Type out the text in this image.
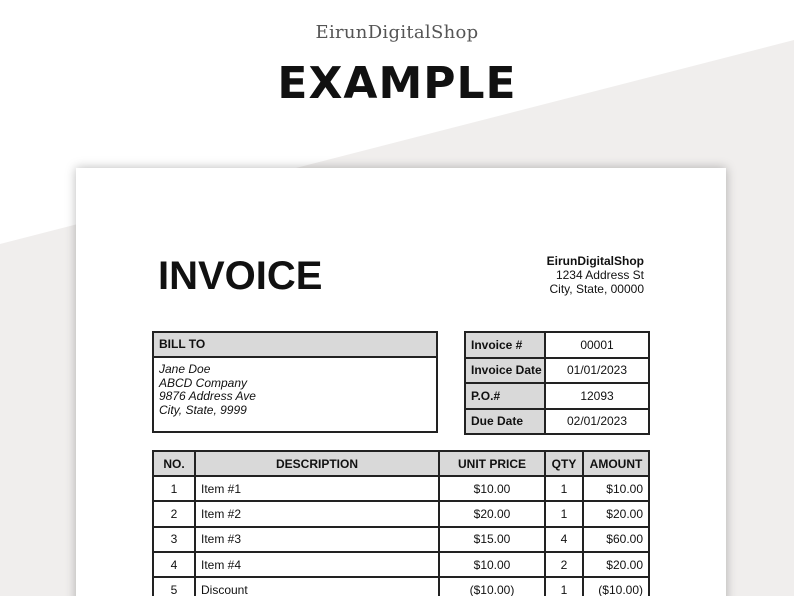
EirunDigitalShop
EXAMPLE
INVOICE	EirunDigitalShop
1234 Address St
City, State, 00000
BILL TO
Jane Doe
ABCD Company
9876 Address Ave
City, State, 9999
Invoice #	00001
Invoice Date	01/01/2023
P.O.#	12093
Due Date	02/01/2023
NO.	DESCRIPTION	UNIT PRICE	QTY	AMOUNT
1	Item #1	$10.00	1	$10.00
2	Item #2	$20.00	1	$20.00
3	Item #3	$15.00	4	$60.00
4	Item #4	$10.00	2	$20.00
5	Discount	($10.00)	1	($10.00)
